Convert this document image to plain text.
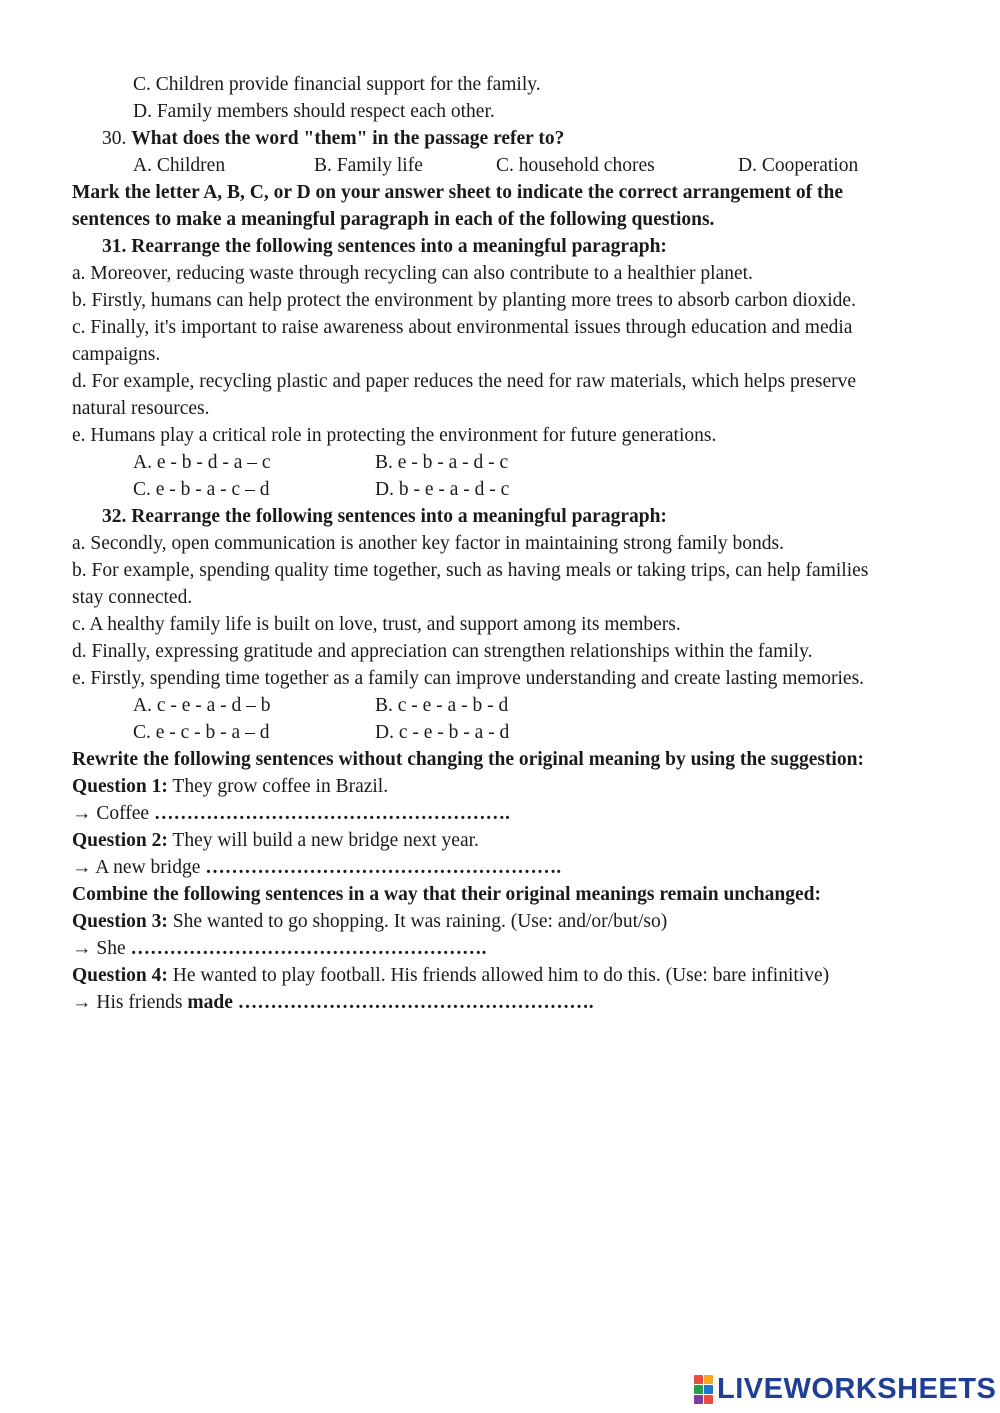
C. Children provide financial support for the family.
D. Family members should respect each other.
30. What does the word "them" in the passage refer to?
A. Children	B. Family life	C. household chores	D. Cooperation
Mark the letter A, B, C, or D on your answer sheet to indicate the correct arrangement of the
sentences to make a meaningful paragraph in each of the following questions.
31. Rearrange the following sentences into a meaningful paragraph:
a. Moreover, reducing waste through recycling can also contribute to a healthier planet.
b. Firstly, humans can help protect the environment by planting more trees to absorb carbon dioxide.
c. Finally, it's important to raise awareness about environmental issues through education and media
campaigns.
d. For example, recycling plastic and paper reduces the need for raw materials, which helps preserve
natural resources.
e. Humans play a critical role in protecting the environment for future generations.
A. e - b - d - a – c	B. e - b - a - d - c
C. e - b - a - c – d	D. b - e - a - d - c
32. Rearrange the following sentences into a meaningful paragraph:
a. Secondly, open communication is another key factor in maintaining strong family bonds.
b. For example, spending quality time together, such as having meals or taking trips, can help families
stay connected.
c. A healthy family life is built on love, trust, and support among its members.
d. Finally, expressing gratitude and appreciation can strengthen relationships within the family.
e. Firstly, spending time together as a family can improve understanding and create lasting memories.
A. c - e - a - d – b	B. c - e - a - b - d
C. e - c - b - a – d	D. c - e - b - a - d
Rewrite the following sentences without changing the original meaning by using the suggestion:
Question 1: They grow coffee in Brazil.
→ Coffee ……………………………………………….
Question 2: They will build a new bridge next year.
→ A new bridge ……………………………………………….
Combine the following sentences in a way that their original meanings remain unchanged:
Question 3: She wanted to go shopping. It was raining. (Use: and/or/but/so)
→ She ……………………………………………….
Question 4: He wanted to play football. His friends allowed him to do this. (Use: bare infinitive)
→ His friends made ……………………………………………….
LIVEWORKSHEETS
